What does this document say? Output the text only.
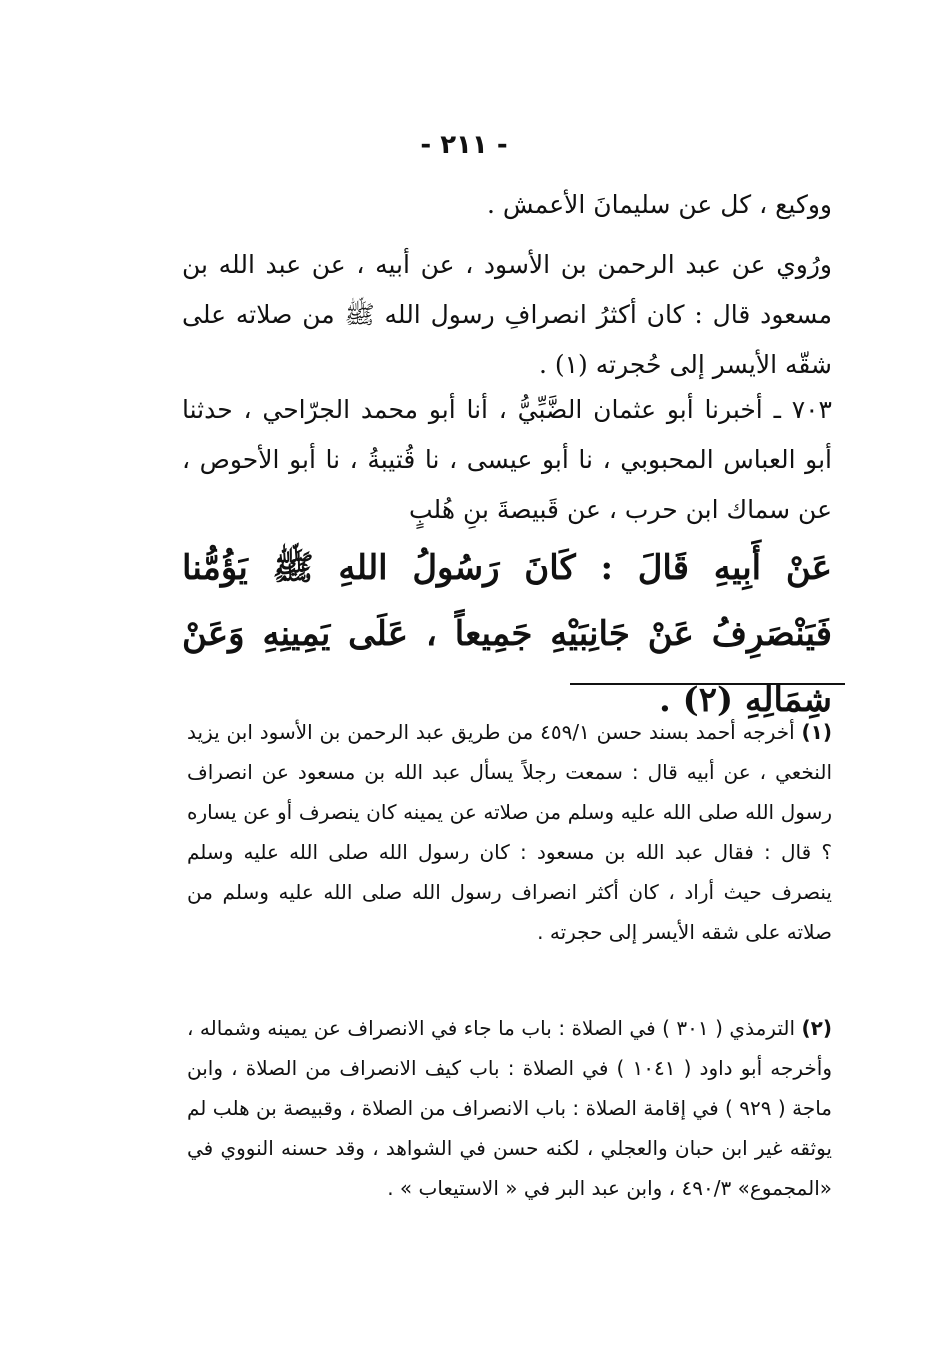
- ٢١١ -

ووكيع ، كل عن سليمانَ الأعمش .

ورُوي عن عبد الرحمن بن الأسود ، عن أبيه ، عن عبد الله بن مسعود قال : كان أكثرُ انصرافِ رسول الله ﷺ من صلاته على شقّه الأيسر إلى حُجرته (١) .

٧٠٣ ـ أخبرنا أبو عثمان الضَّبِّيُّ ، أنا أبو محمد الجرّاحي ، حدثنا أبو العباس المحبوبي ، نا أبو عيسى ، نا قُتيبةُ ، نا أبو الأحوص ، عن سماك ابن حرب ، عن قَبيصةَ بنِ هُلبٍ

عَنْ أَبِيهِ قَالَ : كَانَ رَسُولُ اللهِ ﷺ يَؤُمُّنا فَيَنْصَرِفُ عَنْ جَانِبَيْهِ جَمِيعاً ، عَلَى يَمِينِهِ وَعَنْ شِمَالِهِ (٢) .

(١) أخرجه أحمد بسند حسن ٤٥٩/١ من طريق عبد الرحمن بن الأسود ابن يزيد النخعي ، عن أبيه قال : سمعت رجلاً يسأل عبد الله بن مسعود عن انصراف رسول الله صلى الله عليه وسلم من صلاته عن يمينه كان ينصرف أو عن يساره ؟ قال : فقال عبد الله بن مسعود : كان رسول الله صلى الله عليه وسلم ينصرف حيث أراد ، كان أكثر انصراف رسول الله صلى الله عليه وسلم من صلاته على شقه الأيسر إلى حجرته .

(٢) الترمذي ( ٣٠١ ) في الصلاة : باب ما جاء في الانصراف عن يمينه وشماله ، وأخرجه أبو داود ( ١٠٤١ ) في الصلاة : باب كيف الانصراف من الصلاة ، وابن ماجة ( ٩٢٩ ) في إقامة الصلاة : باب الانصراف من الصلاة ، وقبيصة بن هلب لم يوثقه غير ابن حبان والعجلي ، لكنه حسن في الشواهد ، وقد حسنه النووي في «المجموع» ٤٩٠/٣ ، وابن عبد البر في « الاستيعاب » .
